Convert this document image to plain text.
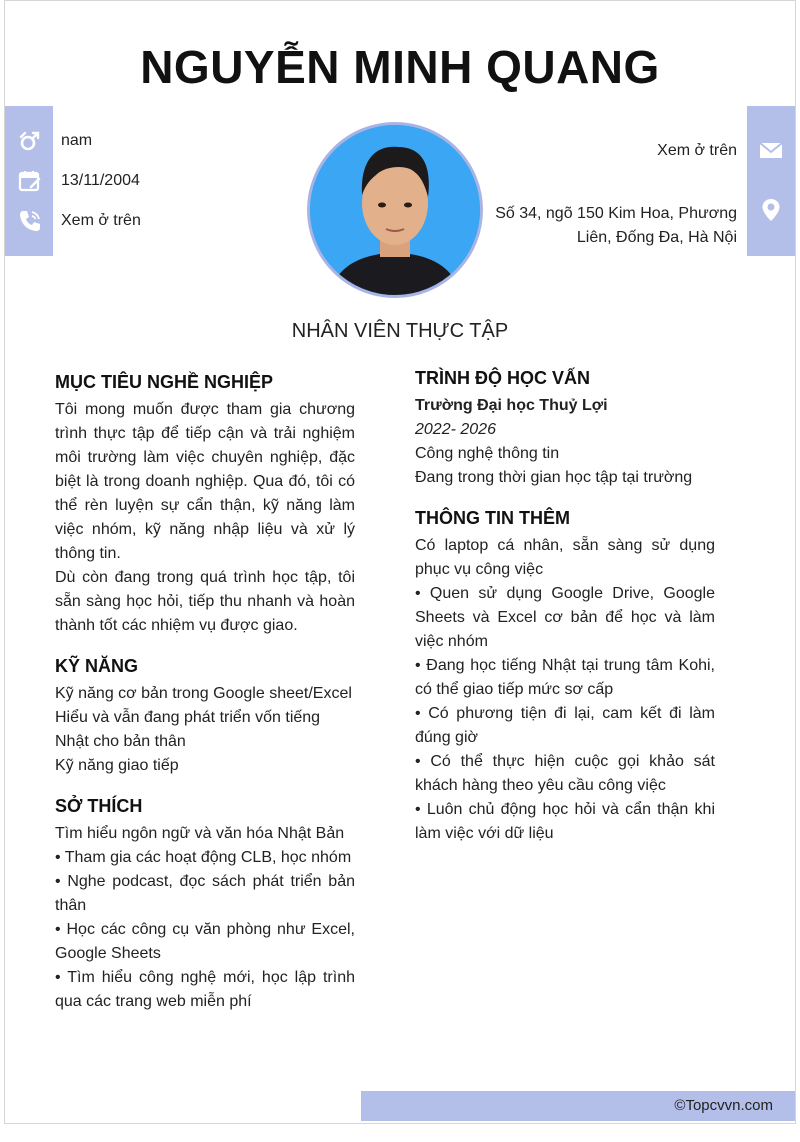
NGUYỄN MINH QUANG
nam
13/11/2004
Xem ở trên
Xem ở trên
Số 34, ngõ 150 Kim Hoa, Phương
Liên, Đống Đa, Hà Nội
NHÂN VIÊN THỰC TẬP
MỤC TIÊU NGHỀ NGHIỆP

Tôi mong muốn được tham gia chương trình thực tập để tiếp cận và trải nghiệm môi trường làm việc chuyên nghiệp, đặc biệt là trong doanh nghiệp. Qua đó, tôi có thể rèn luyện sự cẩn thận, kỹ năng làm việc nhóm, kỹ năng nhập liệu và xử lý thông tin.

Dù còn đang trong quá trình học tập, tôi sẵn sàng học hỏi, tiếp thu nhanh và hoàn thành tốt các nhiệm vụ được giao.

KỸ NĂNG

Kỹ năng cơ bản trong Google sheet/Excel

Hiểu và vẫn đang phát triển vốn tiếng Nhật cho bản thân

Kỹ năng giao tiếp

SỞ THÍCH

Tìm hiểu ngôn ngữ và văn hóa Nhật Bản

• Tham gia các hoạt động CLB, học nhóm

• Nghe podcast, đọc sách phát triển bản thân

• Học các công cụ văn phòng như Excel, Google Sheets

• Tìm hiểu công nghệ mới, học lập trình qua các trang web miễn phí

TRÌNH ĐỘ HỌC VẤN

Trường Đại học Thuỷ Lợi

2022- 2026

Công nghệ thông tin

Đang trong thời gian học tập tại trường

THÔNG TIN THÊM

Có laptop cá nhân, sẵn sàng sử dụng phục vụ công việc

• Quen sử dụng Google Drive, Google Sheets và Excel cơ bản để học và làm việc nhóm

• Đang học tiếng Nhật tại trung tâm Kohi, có thể giao tiếp mức sơ cấp

• Có phương tiện đi lại, cam kết đi làm đúng giờ

• Có thể thực hiện cuộc gọi khảo sát khách hàng theo yêu cầu công việc

• Luôn chủ động học hỏi và cẩn thận khi làm việc với dữ liệu

©Topcvvn.com
